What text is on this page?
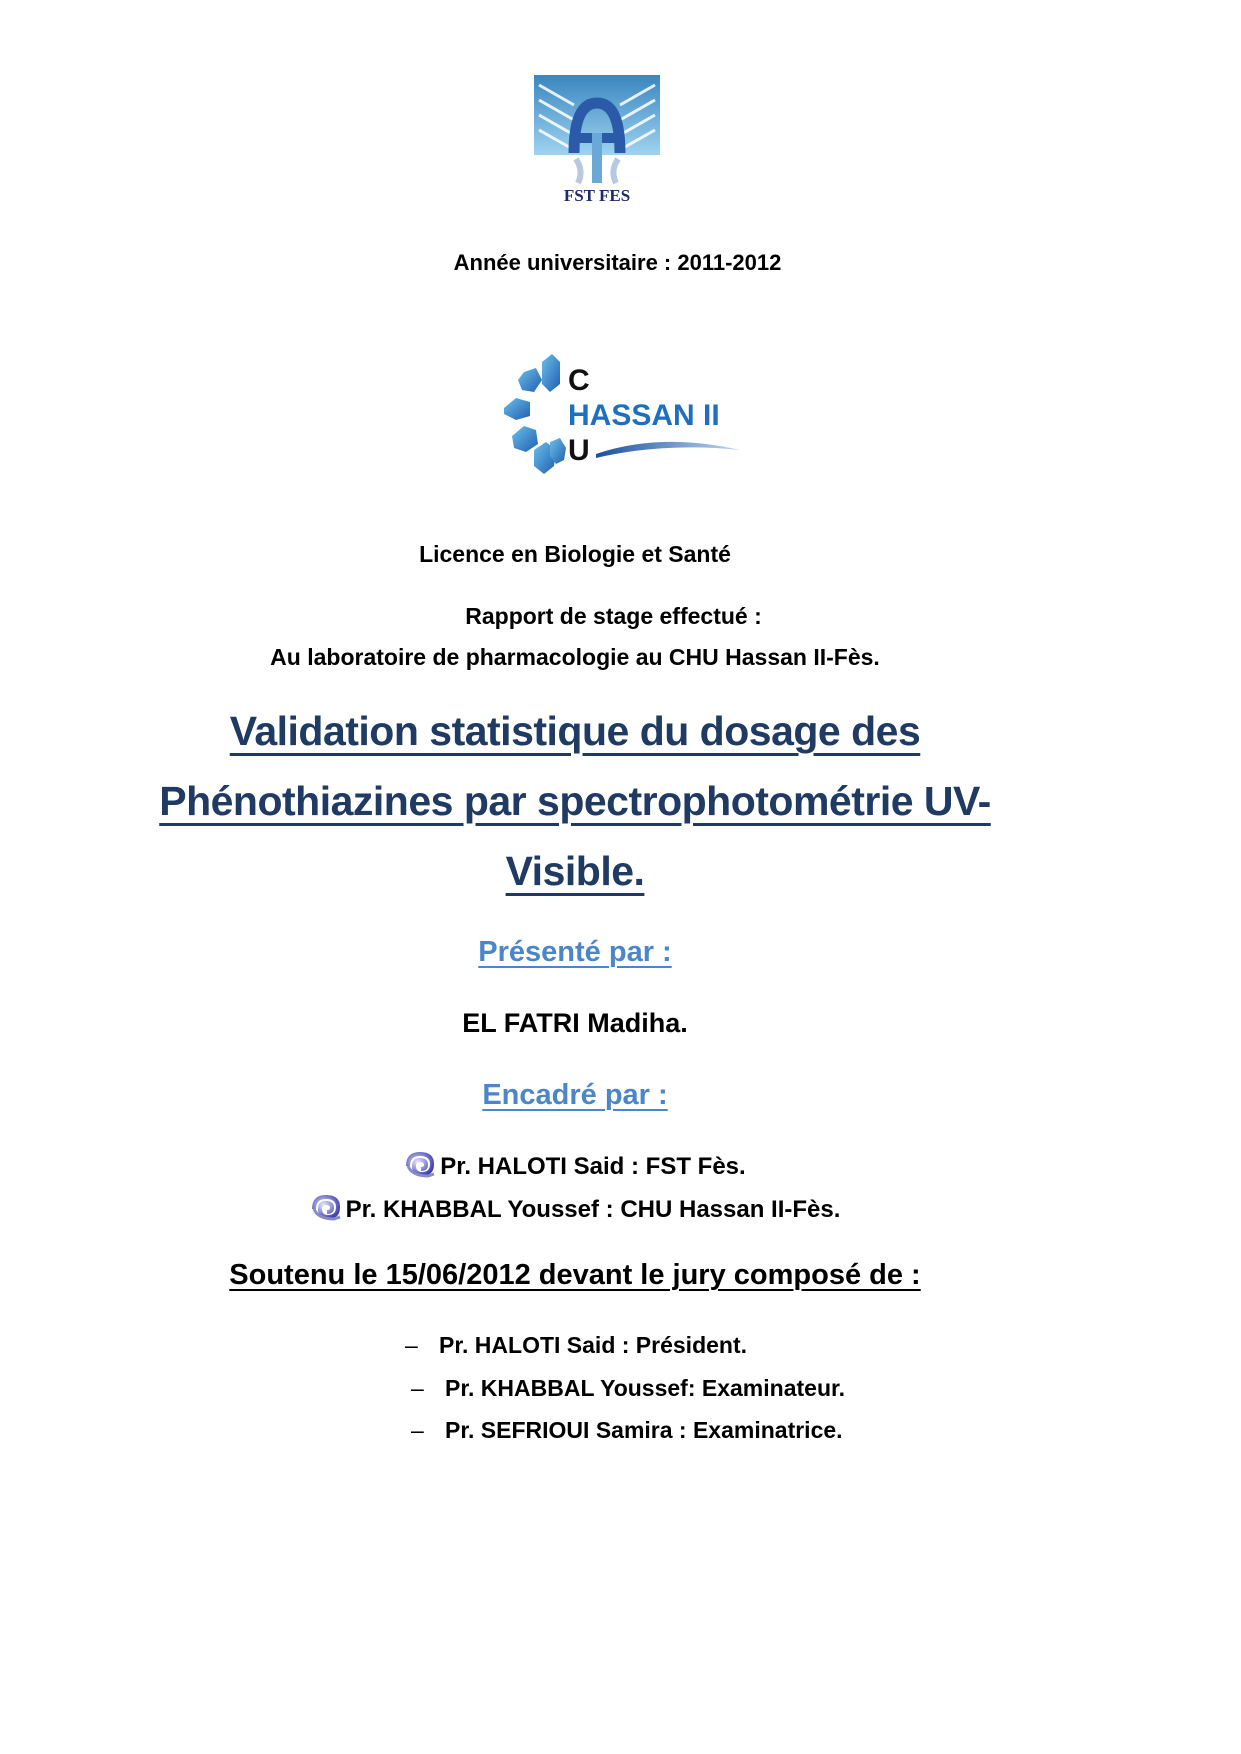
FST FES
Année universitaire : 2011-2012
C
HASSAN II
U
Licence en Biologie et Santé
Rapport de stage effectué :
Au laboratoire de pharmacologie au CHU Hassan II-Fès.
Validation statistique du dosage des
Phénothiazines par spectrophotométrie UV-
Visible.
Présenté par :
EL FATRI Madiha.
Encadré par :
Pr. HALOTI Said : FST Fès.
Pr. KHABBAL Youssef : CHU Hassan II-Fès.
Soutenu le 15/06/2012 devant le jury composé de :
– Pr. HALOTI Said : Président.
– Pr. KHABBAL Youssef: Examinateur.
– Pr. SEFRIOUI Samira : Examinatrice.
